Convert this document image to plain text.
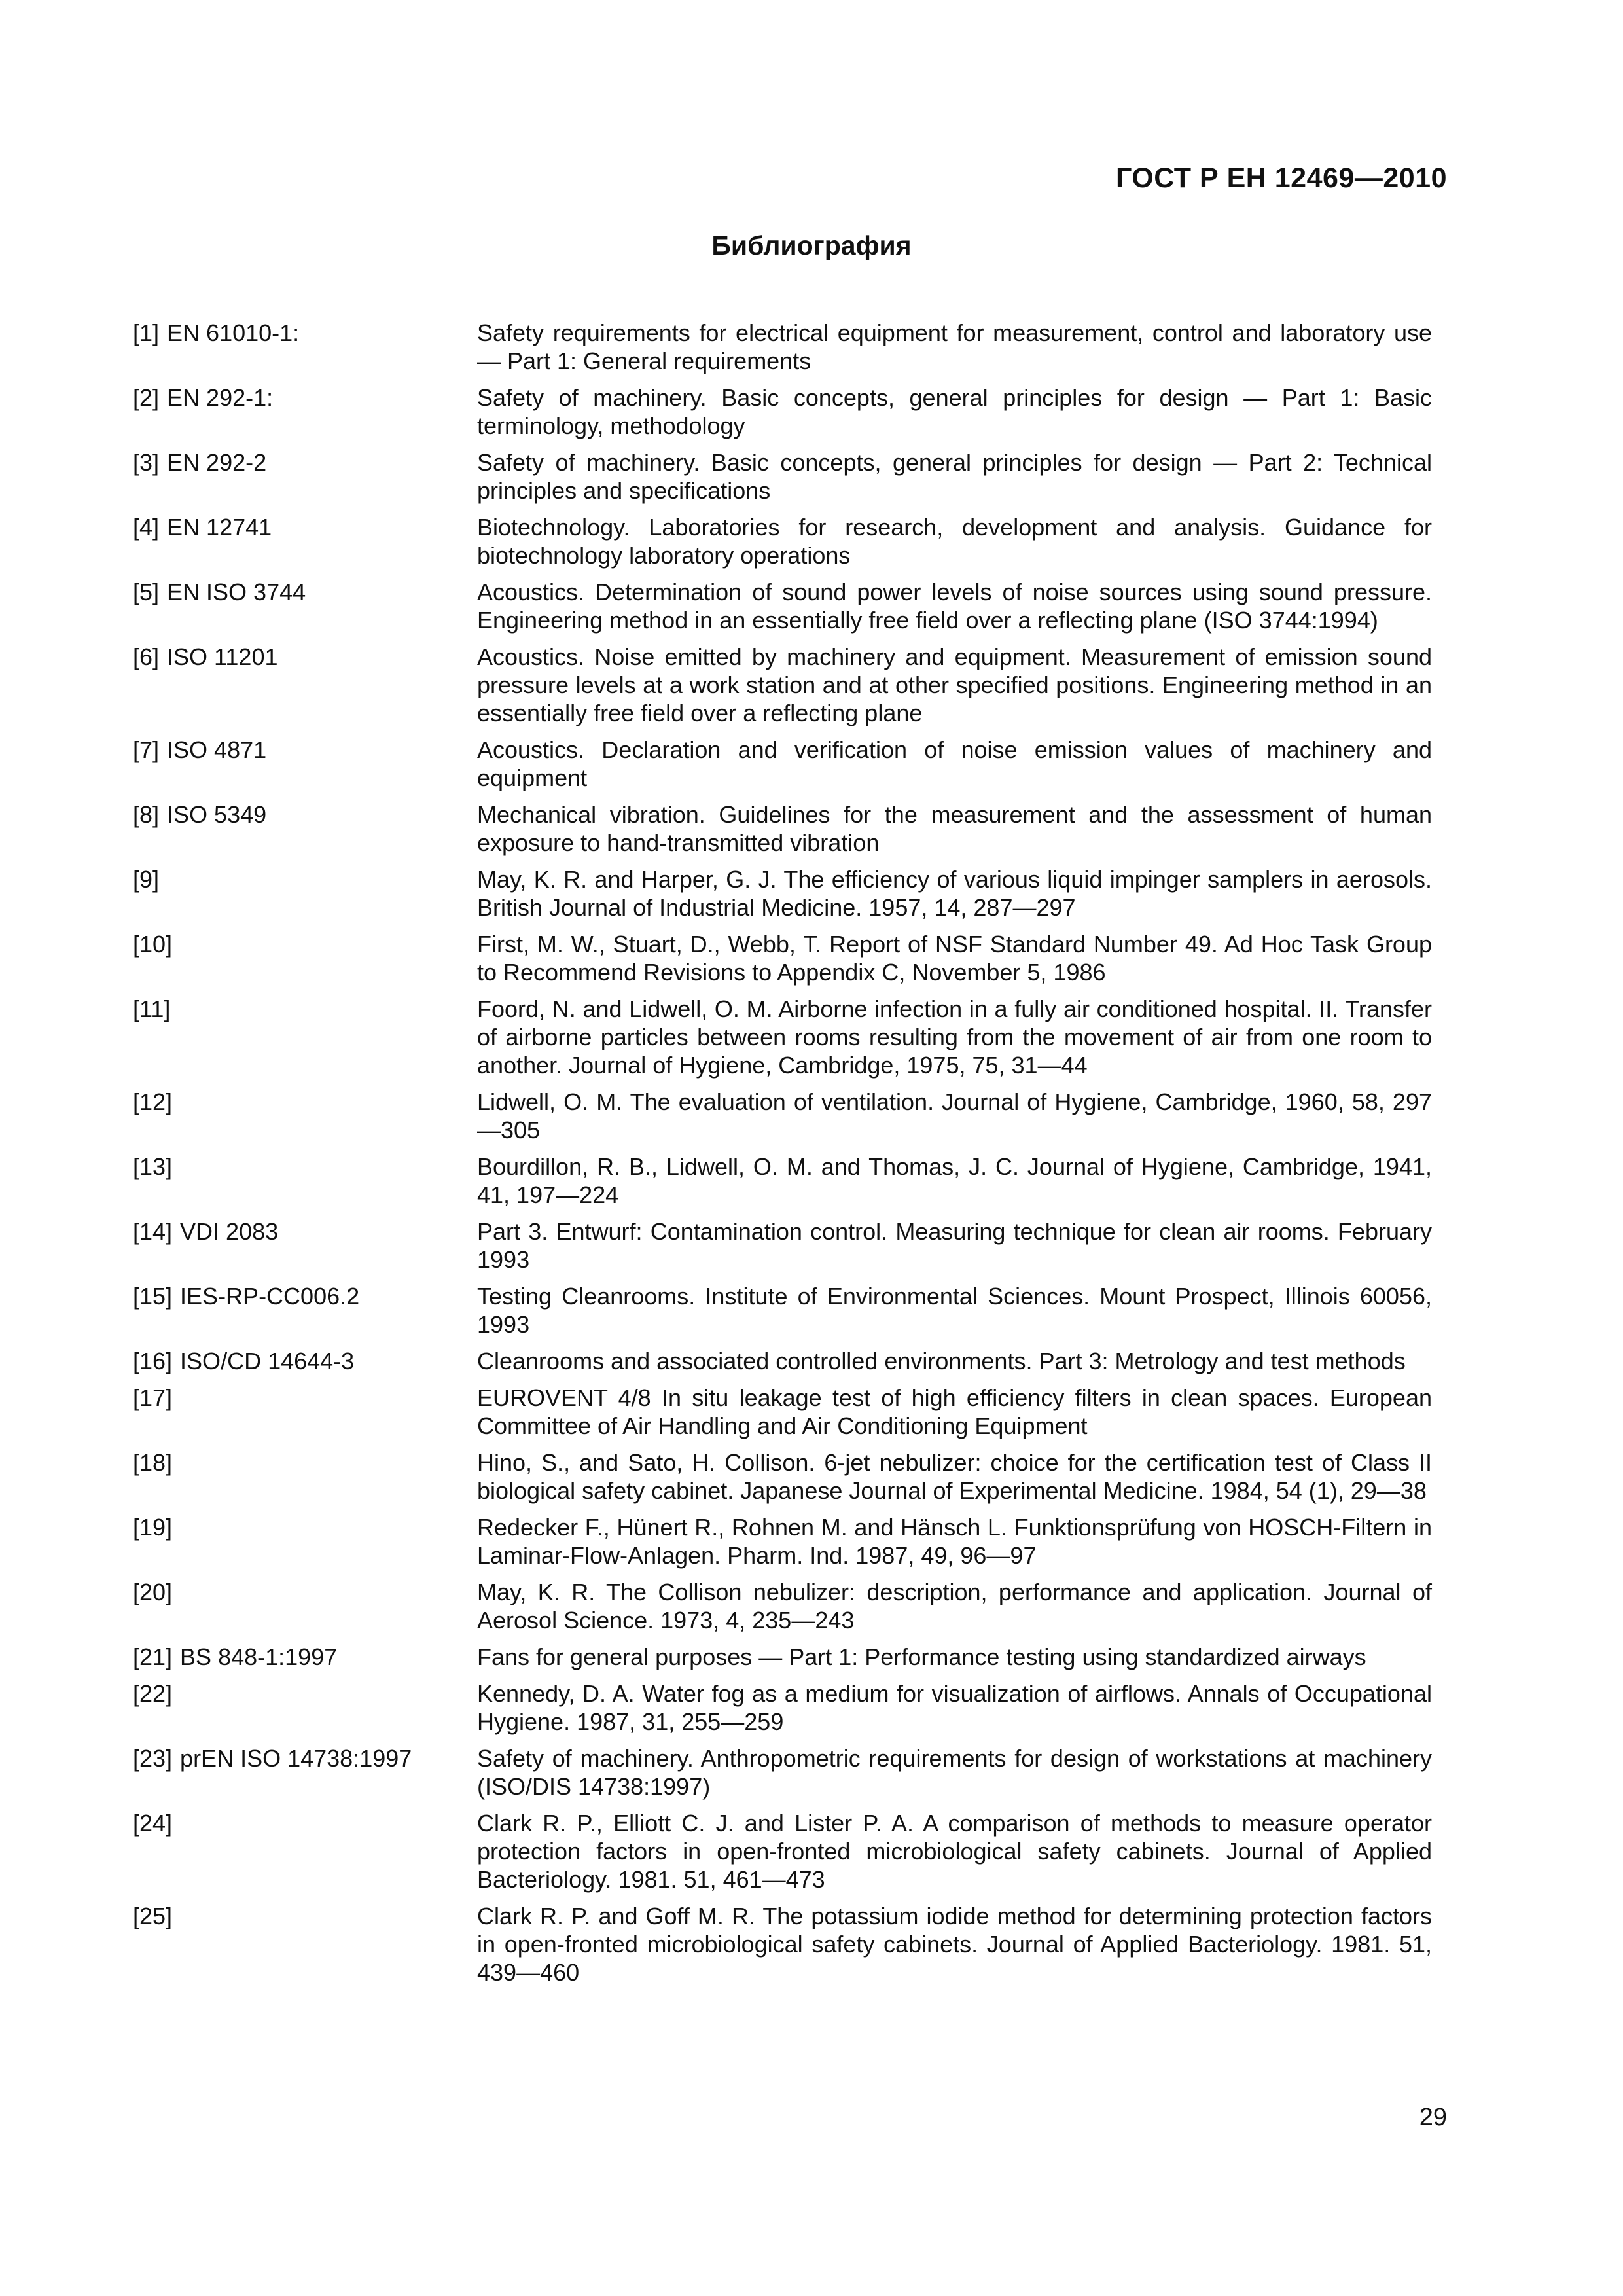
ГОСТ Р ЕН 12469—2010
Библиография
[1] EN 61010-1:	Safety requirements for electrical equipment for measurement, control and laboratory use — Part 1: General requirements
[2] EN 292-1:	Safety of machinery. Basic concepts, general principles for design — Part 1: Basic terminology, methodology
[3] EN 292-2	Safety of machinery. Basic concepts, general principles for design — Part 2: Technical principles and specifications
[4] EN 12741	Biotechnology. Laboratories for research, development and analysis. Guidance for biotechnology laboratory operations
[5] EN ISO 3744	Acoustics. Determination of sound power levels of noise sources using sound pressure. Engineering method in an essentially free field over a reflecting plane (ISO 3744:1994)
[6] ISO 11201	Acoustics. Noise emitted by machinery and equipment. Measurement of emission sound pressure levels at a work station and at other specified positions. Engineering method in an essentially free field over a reflecting plane
[7] ISO 4871	Acoustics. Declaration and verification of noise emission values of machinery and equipment
[8] ISO 5349	Mechanical vibration. Guidelines for the measurement and the assessment of human exposure to hand-transmitted vibration
[9]	May, K. R. and Harper, G. J. The efficiency of various liquid impinger samplers in aerosols. British Journal of Industrial Medicine. 1957, 14, 287—297
[10]	First, M. W., Stuart, D., Webb, T. Report of NSF Standard Number 49. Ad Hoc Task Group to Recommend Revisions to Appendix C, November 5, 1986
[11]	Foord, N. and Lidwell, O. M. Airborne infection in a fully air conditioned hospital. II. Transfer of airborne particles between rooms resulting from the movement of air from one room to another. Journal of Hygiene, Cambridge, 1975, 75, 31—44
[12]	Lidwell, O. M. The evaluation of ventilation. Journal of Hygiene, Cambridge, 1960, 58, 297—305
[13]	Bourdillon, R. B., Lidwell, O. M. and Thomas, J. C. Journal of Hygiene, Cambridge, 1941, 41, 197—224
[14] VDI 2083	Part 3. Entwurf: Contamination control. Measuring technique for clean air rooms. February 1993
[15] IES-RP-CC006.2	Testing Cleanrooms. Institute of Environmental Sciences. Mount Prospect, Illinois 60056, 1993
[16] ISO/CD 14644-3	Cleanrooms and associated controlled environments. Part 3: Metrology and test methods
[17]	EUROVENT 4/8 In situ leakage test of high efficiency filters in clean spaces. European Committee of Air Handling and Air Conditioning Equipment
[18]	Hino, S., and Sato, H. Collison. 6-jet nebulizer: choice for the certification test of Class II biological safety cabinet. Japanese Journal of Experimental Medicine. 1984, 54 (1), 29—38
[19]	Redecker F., Hünert R., Rohnen M. and Hänsch L. Funktionsprüfung von HOSCH-Filtern in Laminar-Flow-Anlagen. Pharm. Ind. 1987, 49, 96—97
[20]	May, K. R. The Collison nebulizer: description, performance and application. Journal of Aerosol Science. 1973, 4, 235—243
[21] BS 848-1:1997	Fans for general purposes — Part 1: Performance testing using standardized airways
[22]	Kennedy, D. A. Water fog as a medium for visualization of airflows. Annals of Occupational Hygiene. 1987, 31, 255—259
[23] prEN ISO 14738:1997	Safety of machinery. Anthropometric requirements for design of workstations at machinery (ISO/DIS 14738:1997)
[24]	Clark R. P., Elliott C. J. and Lister P. A. A comparison of methods to measure operator protection factors in open-fronted microbiological safety cabinets. Journal of Applied Bacteriology. 1981. 51, 461—473
[25]	Clark R. P. and Goff M. R. The potassium iodide method for determining protection factors in open-fronted microbiological safety cabinets. Journal of Applied Bacteriology. 1981. 51, 439—460
29
